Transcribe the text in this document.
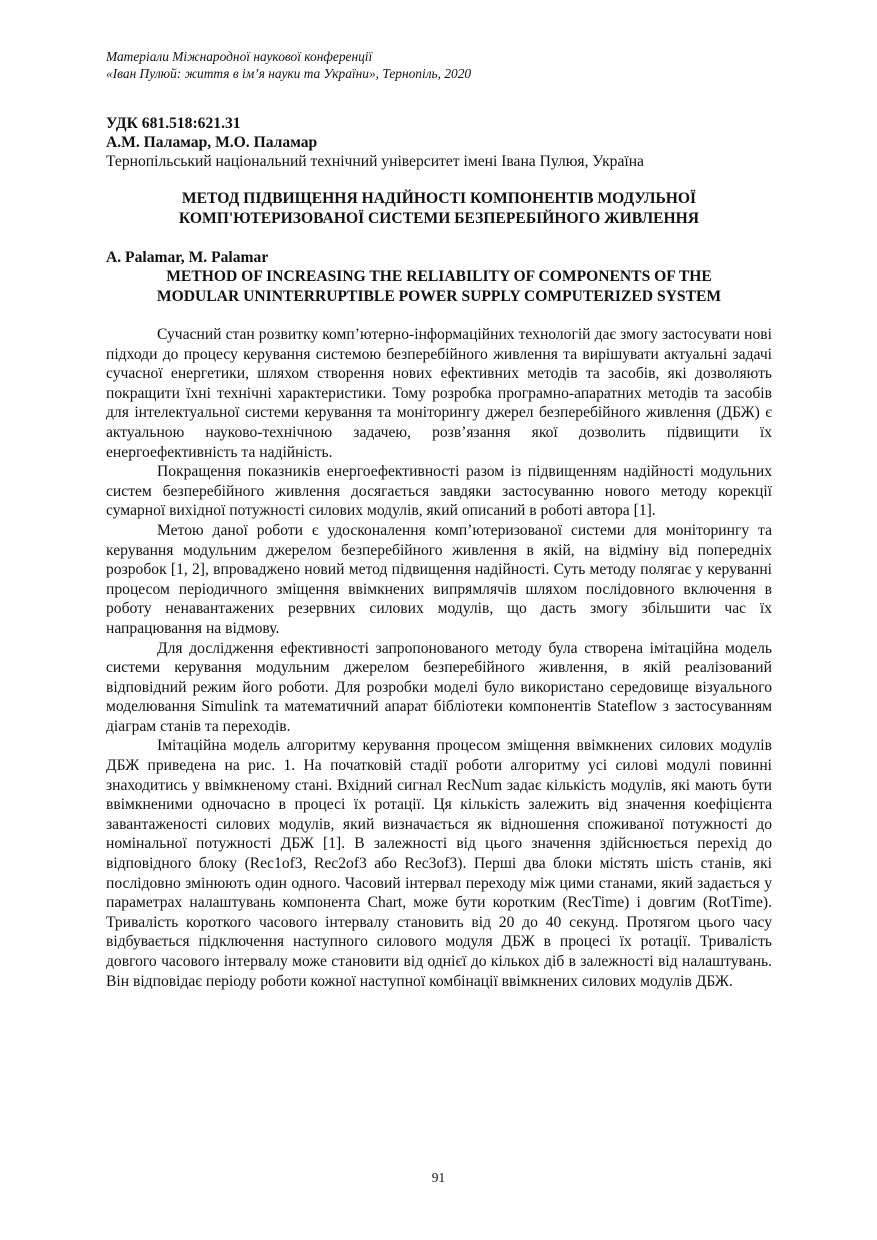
Матеріали Міжнародної наукової конференції

«Іван Пулюй: життя в ім’я науки та України», Тернопіль, 2020

УДК 681.518:621.31
А.М. Паламар, М.О. Паламар
Тернопільський національний технічний університет імені Івана Пулюя, Україна
МЕТОД ПІДВИЩЕННЯ НАДІЙНОСТІ КОМПОНЕНТІВ МОДУЛЬНОЇ
КОМП'ЮТЕРИЗОВАНОЇ СИСТЕМИ БЕЗПЕРЕБІЙНОГО ЖИВЛЕННЯ
A. Palamar, M. Palamar
METHOD OF INCREASING THE RELIABILITY OF COMPONENTS OF THE
MODULAR UNINTERRUPTIBLE POWER SUPPLY COMPUTERIZED SYSTEM

Сучасний стан розвитку комп’ютерно-інформаційних технологій дає змогу застосувати нові підходи до процесу керування системою безперебійного живлення та вирішувати актуальні задачі сучасної енергетики, шляхом створення нових ефективних методів та засобів, які дозволяють покращити їхні технічні характеристики. Тому розробка програмно-апаратних методів та засобів для інтелектуальної системи керування та моніторингу джерел безперебійного живлення (ДБЖ) є актуальною науково-технічною задачею, розв’язання якої дозволить підвищити їх енергоефективність та надійність.

Покращення показників енергоефективності разом із підвищенням надійності модульних систем безперебійного живлення досягається завдяки застосуванню нового методу корекції сумарної вихідної потужності силових модулів, який описаний в роботі автора [1].

Метою даної роботи є удосконалення комп’ютеризованої системи для моніторингу та керування модульним джерелом безперебійного живлення в якій, на відміну від попередніх розробок [1, 2], впроваджено новий метод підвищення надійності. Суть методу полягає у керуванні процесом періодичного зміщення ввімкнених випрямлячів шляхом послідовного включення в роботу ненавантажених резервних силових модулів, що дасть змогу збільшити час їх напрацювання на відмову.

Для дослідження ефективності запропонованого методу була створена імітаційна модель системи керування модульним джерелом безперебійного живлення, в якій реалізований відповідний режим його роботи. Для розробки моделі було використано середовище візуального моделювання Simulink та математичний апарат бібліотеки компонентів Stateflow з застосуванням діаграм станів та переходів.

Імітаційна модель алгоритму керування процесом зміщення ввімкнених силових модулів ДБЖ приведена на рис. 1. На початковій стадії роботи алгоритму усі силові модулі повинні знаходитись у ввімкненому стані. Вхідний сигнал RecNum задає кількість модулів, які мають бути ввімкненими одночасно в процесі їх ротації. Ця кількість залежить від значення коефіцієнта завантаженості силових модулів, який визначається як відношення споживаної потужності до номінальної потужності ДБЖ [1]. В залежності від цього значення здійснюється перехід до відповідного блоку (Rec1of3, Rec2of3 або Rec3of3). Перші два блоки містять шість станів, які послідовно змінюють один одного. Часовий інтервал переходу між цими станами, який задається у параметрах налаштувань компонента Chart, може бути коротким (RecTime) і довгим (RotTime). Тривалість короткого часового інтервалу становить від 20 до 40 секунд. Протягом цього часу відбувається підключення наступного силового модуля ДБЖ в процесі їх ротації. Тривалість довгого часового інтервалу може становити від однієї до кількох діб в залежності від налаштувань. Він відповідає періоду роботи кожної наступної комбінації ввімкнених силових модулів ДБЖ.

91
